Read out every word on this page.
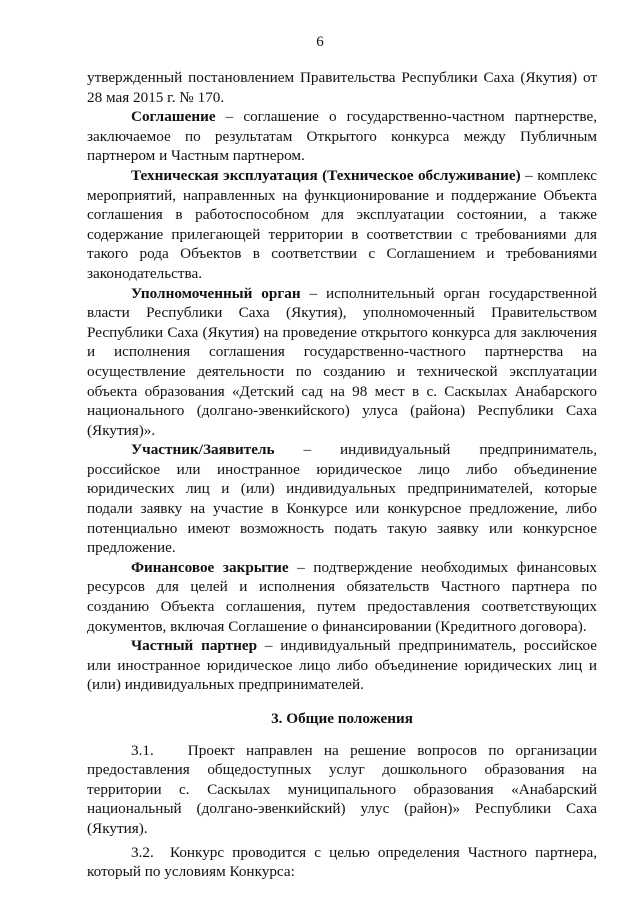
6

утвержденный постановлением Правительства Республики Саха (Якутия) от 28 мая 2015 г. № 170.

Соглашение – соглашение о государственно-частном партнерстве, заключаемое по результатам Открытого конкурса между Публичным партнером и Частным партнером.

Техническая эксплуатация (Техническое обслуживание) – комплекс мероприятий, направленных на функционирование и поддержание Объекта соглашения в работоспособном для эксплуатации состоянии, а также содержание прилегающей территории в соответствии с требованиями для такого рода Объектов в соответствии с Соглашением и требованиями законодательства.

Уполномоченный орган – исполнительный орган государственной власти Республики Саха (Якутия), уполномоченный Правительством Республики Саха (Якутия) на проведение открытого конкурса для заключения и исполнения соглашения государственно-частного партнерства на осуществление деятельности по созданию и технической эксплуатации объекта образования «Детский сад на 98 мест в с. Саскылах Анабарского национального (долгано-эвенкийского) улуса (района) Республики Саха (Якутия)».

Участник/Заявитель – индивидуальный предприниматель, российское или иностранное юридическое лицо либо объединение юридических лиц и (или) индивидуальных предпринимателей, которые подали заявку на участие в Конкурсе или конкурсное предложение, либо потенциально имеют возможность подать такую заявку или конкурсное предложение.

Финансовое закрытие – подтверждение необходимых финансовых ресурсов для целей и исполнения обязательств Частного партнера по созданию Объекта соглашения, путем предоставления соответствующих документов, включая Соглашение о финансировании (Кредитного договора).

Частный партнер – индивидуальный предприниматель, российское или иностранное юридическое лицо либо объединение юридических лиц и (или) индивидуальных предпринимателей.

3. Общие положения

3.1. Проект направлен на решение вопросов по организации предоставления общедоступных услуг дошкольного образования на территории с. Саскылах муниципального образования «Анабарский национальный (долгано-эвенкийский) улус (район)» Республики Саха (Якутия).

3.2. Конкурс проводится с целью определения Частного партнера, который по условиям Конкурса:
